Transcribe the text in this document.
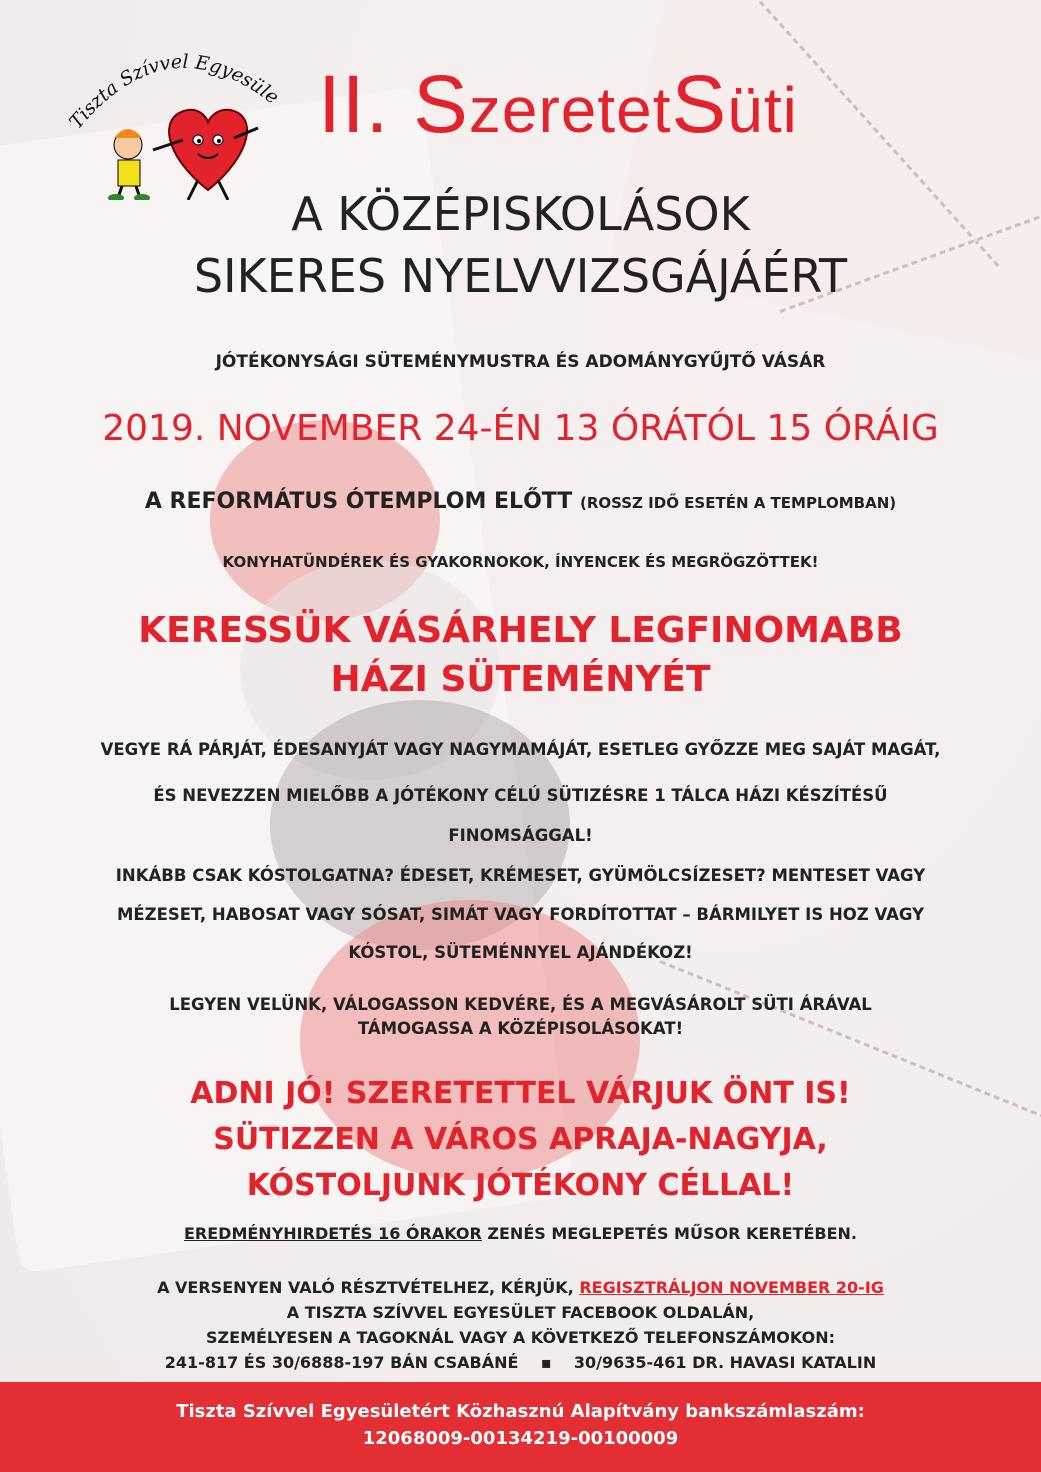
Tiszta Szívvel Egyesüle II. SzeretetSüti
A KÖZÉPISKOLÁSOK
SIKERES NYELVVIZSGÁJÁÉRT
JÓTÉKONYSÁGI SÜTEMÉNYMUSTRA ÉS ADOMÁNYGYŰJTŐ VÁSÁR
2019. NOVEMBER 24-ÉN 13 ÓRÁTÓL 15 ÓRÁIG
A REFORMÁTUS ÓTEMPLOM ELŐTT (ROSSZ IDŐ ESETÉN A TEMPLOMBAN)
KONYHATÜNDÉREK ÉS GYAKORNOKOK, ÍNYENCEK ÉS MEGRÖGZÖTTEK!
KERESSÜK VÁSÁRHELY LEGFINOMABB
HÁZI SÜTEMÉNYÉT
VEGYE RÁ PÁRJÁT, ÉDESANYJÁT VAGY NAGYMAMÁJÁT, ESETLEG GYŐZZE MEG SAJÁT MAGÁT,
ÉS NEVEZZEN MIELŐBB A JÓTÉKONY CÉLÚ SÜTIZÉSRE 1 TÁLCA HÁZI KÉSZÍTÉSŰ
FINOMSÁGGAL!
INKÁBB CSAK KÓSTOLGATNA? ÉDESET, KRÉMESET, GYÜMÖLCSÍZESET? MENTESET VAGY
MÉZESET, HABOSAT VAGY SÓSAT, SIMÁT VAGY FORDÍTOTTAT – BÁRMILYET IS HOZ VAGY
KÓSTOL, SÜTEMÉNNYEL AJÁNDÉKOZ!
LEGYEN VELÜNK, VÁLOGASSON KEDVÉRE, ÉS A MEGVÁSÁROLT SÜTI ÁRÁVAL
TÁMOGASSA A KÖZÉPISOLÁSOKAT!
ADNI JÓ! SZERETETTEL VÁRJUK ÖNT IS!
SÜTIZZEN A VÁROS APRAJA-NAGYJA,
KÓSTOLJUNK JÓTÉKONY CÉLLAL!
EREDMÉNYHIRDETÉS 16 ÓRAKOR ZENÉS MEGLEPETÉS MŰSOR KERETÉBEN.
A VERSENYEN VALÓ RÉSZTVÉTELHEZ, KÉRJÜK, REGISZTRÁLJON NOVEMBER 20-IG
A TISZTA SZÍVVEL EGYESÜLET FACEBOOK OLDALÁN,
SZEMÉLYESEN A TAGOKNÁL VAGY A KÖVETKEZŐ TELEFONSZÁMOKON:
241-817 ÉS 30/6888-197 BÁN CSABÁNÉ ▪ 30/9635-461 DR. HAVASI KATALIN
Tiszta Szívvel Egyesületért Közhasznú Alapítvány bankszámlaszám:
12068009-00134219-00100009
